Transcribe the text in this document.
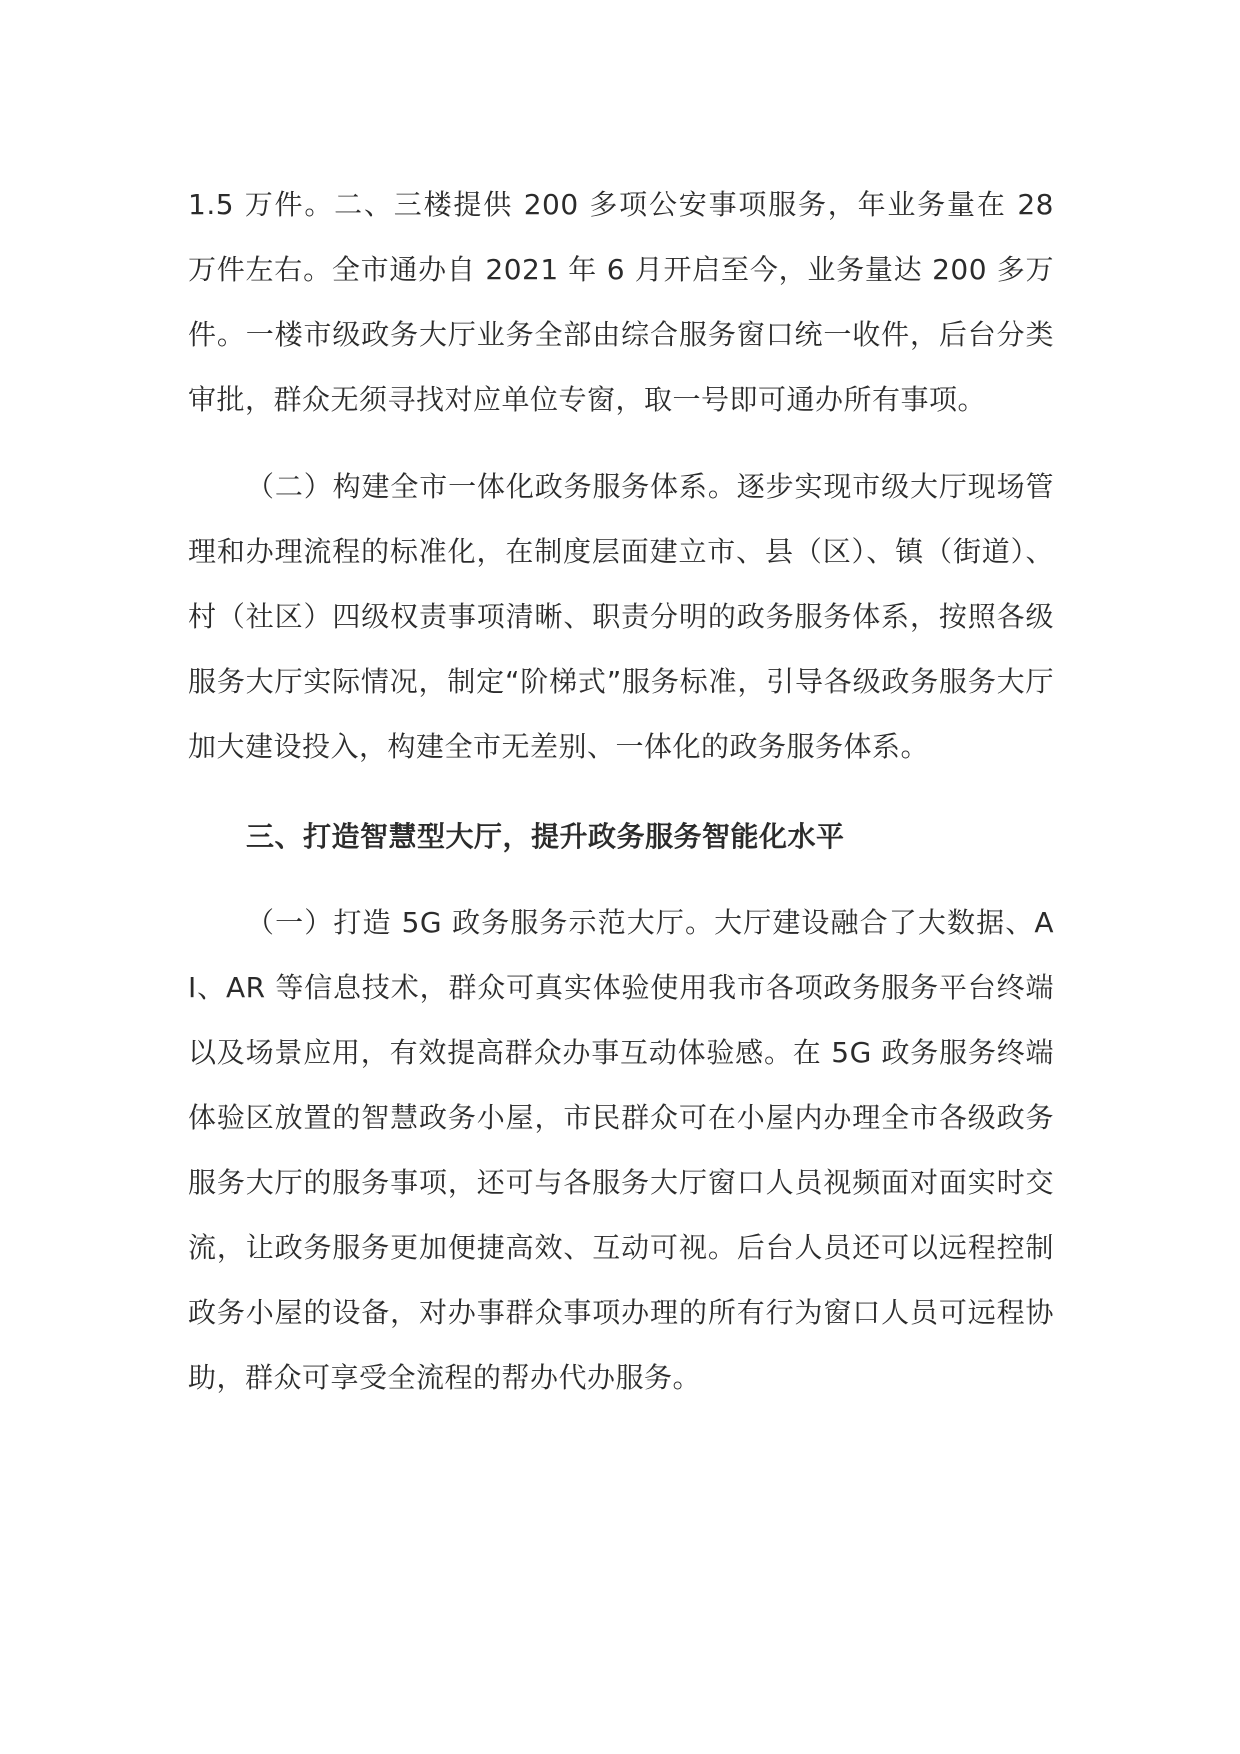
1.5 万件。二、三楼提供 200 多项公安事项服务，年业务量在 28 万件左右。全市通办自 2021 年 6 月开启至今，业务量达 200 多万件。一楼市级政务大厅业务全部由综合服务窗口统一收件，后台分类审批，群众无须寻找对应单位专窗，取一号即可通办所有事项。

（二）构建全市一体化政务服务体系。逐步实现市级大厅现场管理和办理流程的标准化，在制度层面建立市、县（区）、镇（街道）、村（社区）四级权责事项清晰、职责分明的政务服务体系，按照各级服务大厅实际情况，制定“阶梯式”服务标准，引导各级政务服务大厅加大建设投入，构建全市无差别、一体化的政务服务体系。

三、打造智慧型大厅，提升政务服务智能化水平

（一）打造 5G 政务服务示范大厅。大厅建设融合了大数据、AI、AR 等信息技术，群众可真实体验使用我市各项政务服务平台终端以及场景应用，有效提高群众办事互动体验感。在 5G 政务服务终端体验区放置的智慧政务小屋，市民群众可在小屋内办理全市各级政务服务大厅的服务事项，还可与各服务大厅窗口人员视频面对面实时交流，让政务服务更加便捷高效、互动可视。后台人员还可以远程控制政务小屋的设备，对办事群众事项办理的所有行为窗口人员可远程协助，群众可享受全流程的帮办代办服务。
